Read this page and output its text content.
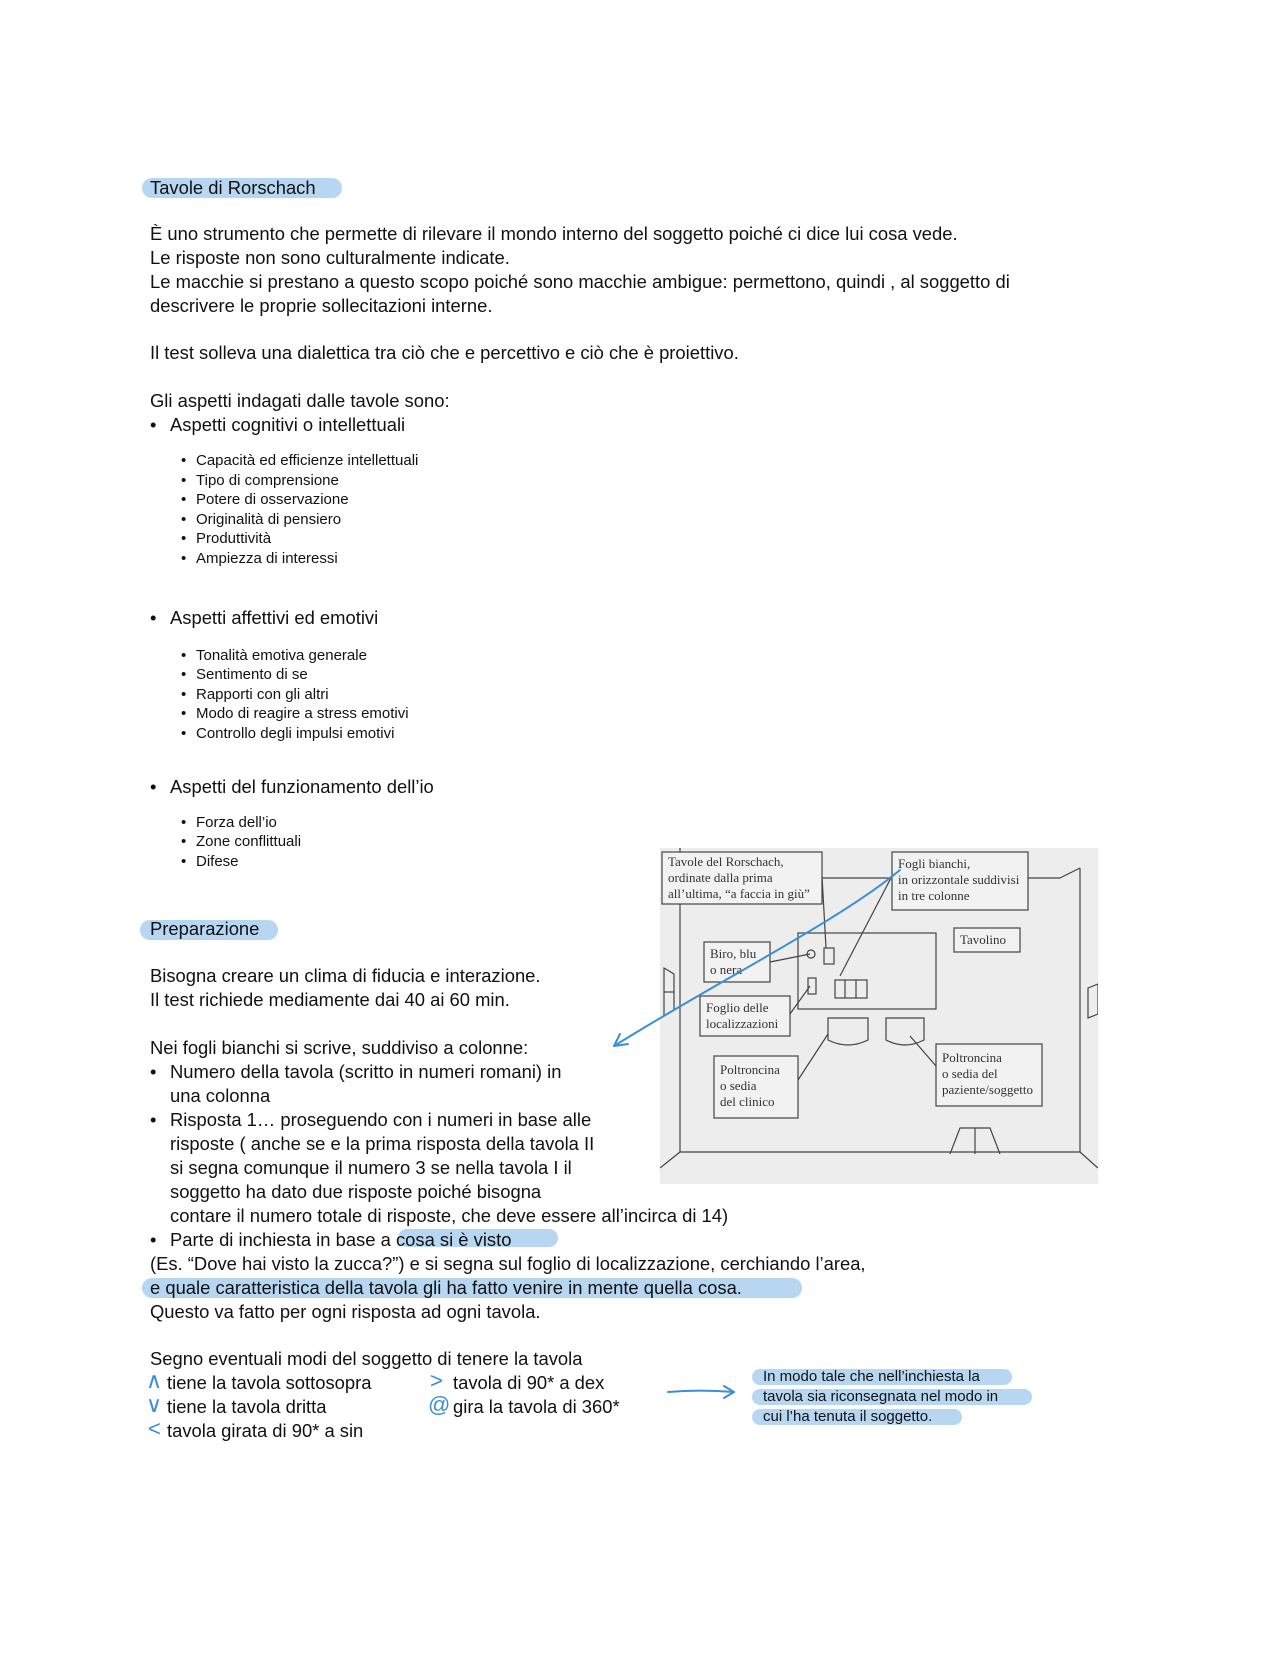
Tavole di Rorschach
È uno strumento che permette di rilevare il mondo interno del soggetto poiché ci dice lui cosa vede.
Le risposte non sono culturalmente indicate.
Le macchie si prestano a questo scopo poiché sono macchie ambigue: permettono, quindi , al soggetto di
descrivere le proprie sollecitazioni interne.
Il test solleva una dialettica tra ciò che e percettivo e ciò che è proiettivo.
Gli aspetti indagati dalle tavole sono:
• Aspetti cognitivi o intellettuali
• Capacità ed efficienze intellettuali
• Tipo di comprensione
• Potere di osservazione
• Originalità di pensiero
• Produttività
• Ampiezza di interessi
• Aspetti affettivi ed emotivi
• Tonalità emotiva generale
• Sentimento di se
• Rapporti con gli altri
• Modo di reagire a stress emotivi
• Controllo degli impulsi emotivi
• Aspetti del funzionamento dell’io
• Forza dell’io
• Zone conflittuali
• Difese
Preparazione
Bisogna creare un clima di fiducia e interazione.
Il test richiede mediamente dai 40 ai 60 min.
Nei fogli bianchi si scrive, suddiviso a colonne:
• Numero della tavola (scritto in numeri romani) in
una colonna
• Risposta 1… proseguendo con i numeri in base alle
risposte ( anche se e la prima risposta della tavola II
si segna comunque il numero 3 se nella tavola I il
soggetto ha dato due risposte poiché bisogna
contare il numero totale di risposte, che deve essere all’incirca di 14)
• Parte di inchiesta in base a cosa si è visto
(Es. “Dove hai visto la zucca?”) e si segna sul foglio di localizzazione, cerchiando l’area,
e quale caratteristica della tavola gli ha fatto venire in mente quella cosa.
Questo va fatto per ogni risposta ad ogni tavola.
Segno eventuali modi del soggetto di tenere la tavola
∧ tiene la tavola sottosopra
∨ tiene la tavola dritta
< tavola girata di 90* a sin
> tavola di 90* a dex
@ gira la tavola di 360*
In modo tale che nell’inchiesta la
tavola sia riconsegnata nel modo in
cui l’ha tenuta il soggetto.
Tavole del Rorschach,
ordinate dalla prima
all’ultima, “a faccia in giù”
Fogli bianchi,
in orizzontale suddivisi
in tre colonne
Tavolino
Biro, blu
o nera
Foglio delle
localizzazioni
Poltroncina
o sedia
del clinico
Poltroncina
o sedia del
paziente/soggetto
